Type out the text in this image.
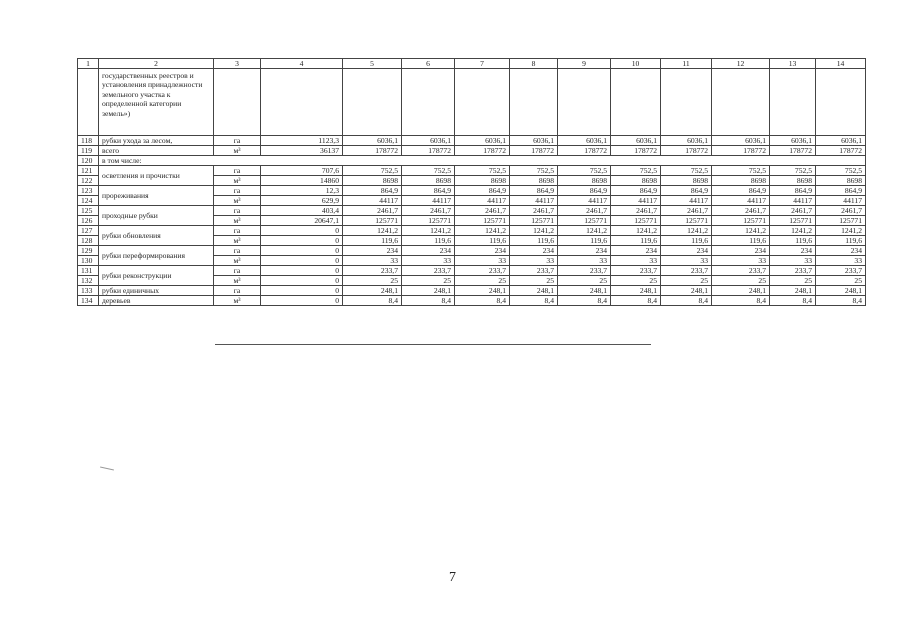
1	2	3	4	5	6	7	8	9	10	11	12	13	14
	государственных реестров и установления принадлежности земельного участка к определенной категории земель»)												
118	рубки ухода за лесом,	га	1123,3	6036,1	6036,1	6036,1	6036,1	6036,1	6036,1	6036,1	6036,1	6036,1	6036,1
119	всего	м³	36137	178772	178772	178772	178772	178772	178772	178772	178772	178772	178772
120	в том числе:												
121	осветления и прочистки	га	707,6	752,5	752,5	752,5	752,5	752,5	752,5	752,5	752,5	752,5	752,5
122		м³	14860	8698	8698	8698	8698	8698	8698	8698	8698	8698	8698
123	прореживания	га	12,3	864,9	864,9	864,9	864,9	864,9	864,9	864,9	864,9	864,9	864,9
124		м³	629,9	44117	44117	44117	44117	44117	44117	44117	44117	44117	44117
125	проходные рубки	га	403,4	2461,7	2461,7	2461,7	2461,7	2461,7	2461,7	2461,7	2461,7	2461,7	2461,7
126		м³	20647,1	125771	125771	125771	125771	125771	125771	125771	125771	125771	125771
127	рубки обновления	га	0	1241,2	1241,2	1241,2	1241,2	1241,2	1241,2	1241,2	1241,2	1241,2	1241,2
128		м³	0	119,6	119,6	119,6	119,6	119,6	119,6	119,6	119,6	119,6	119,6
129	рубки переформирования	га	0	234	234	234	234	234	234	234	234	234	234
130		м³	0	33	33	33	33	33	33	33	33	33	33
131	рубки реконструкции	га	0	233,7	233,7	233,7	233,7	233,7	233,7	233,7	233,7	233,7	233,7
132		м³	0	25	25	25	25	25	25	25	25	25	25
133	рубки единичных	га	0	248,1	248,1	248,1	248,1	248,1	248,1	248,1	248,1	248,1	248,1
134	деревьев	м³	0	8,4	8,4	8,4	8,4	8,4	8,4	8,4	8,4	8,4	8,4
7
